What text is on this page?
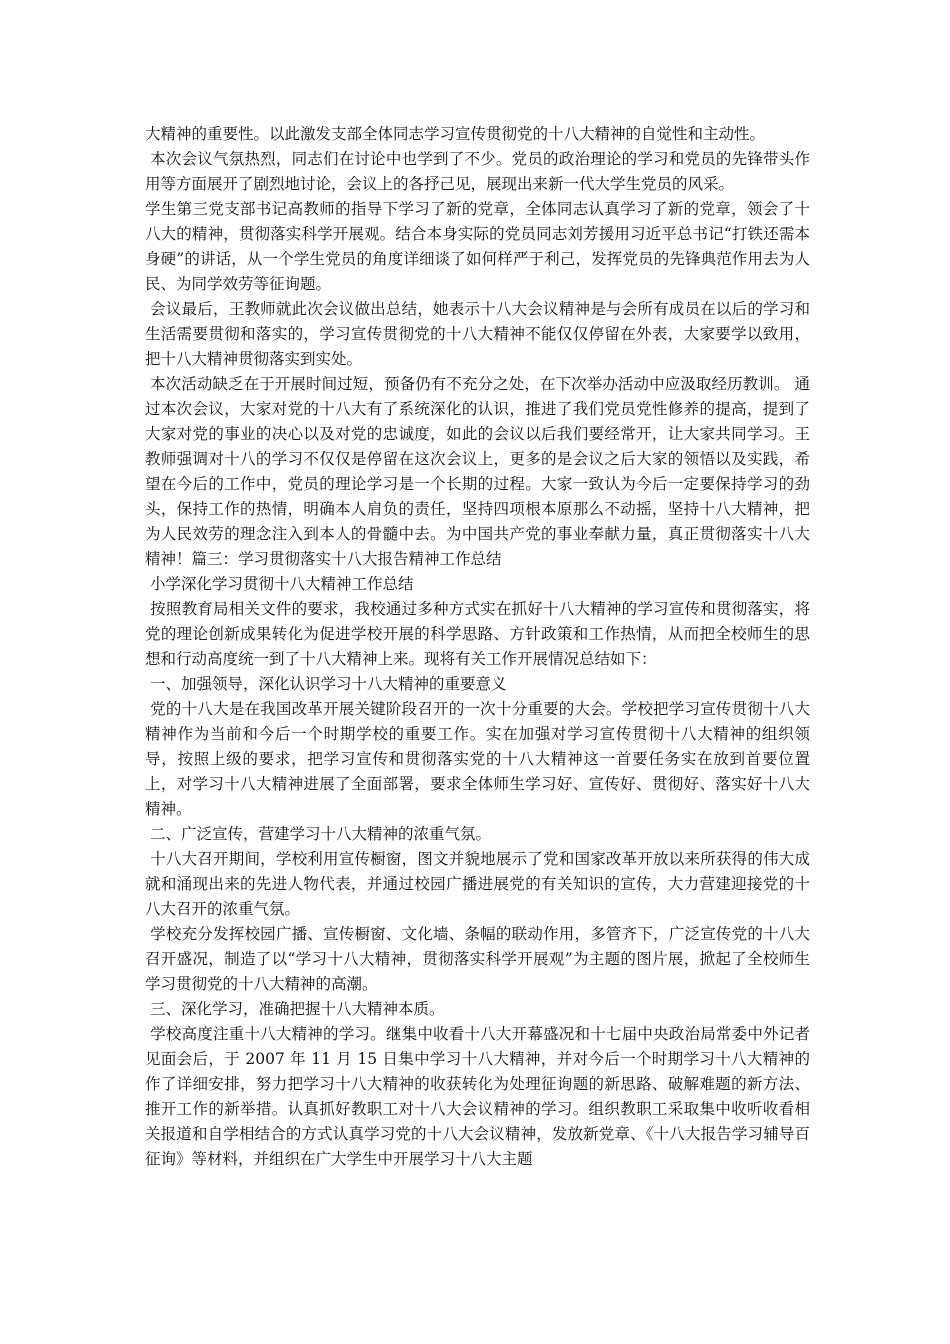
大精神的重要性。以此激发支部全体同志学习宣传贯彻党的十八大精神的自觉性和主动性。

本次会议气氛热烈，同志们在讨论中也学到了不少。党员的政治理论的学习和党员的先锋带头作用等方面展开了剧烈地讨论，会议上的各抒己见，展现出来新一代大学生党员的风采。

学生第三党支部书记高教师的指导下学习了新的党章，全体同志认真学习了新的党章，领会了十八大的精神，贯彻落实科学开展观。结合本身实际的党员同志刘芳援用习近平总书记“打铁还需本身硬”的讲话，从一个学生党员的角度详细谈了如何样严于利己，发挥党员的先锋典范作用去为人民、为同学效劳等征询题。

会议最后，王教师就此次会议做出总结，她表示十八大会议精神是与会所有成员在以后的学习和生活需要贯彻和落实的，学习宣传贯彻党的十八大精神不能仅仅停留在外表，大家要学以致用，把十八大精神贯彻落实到实处。

本次活动缺乏在于开展时间过短，预备仍有不充分之处，在下次举办活动中应汲取经历教训。 通过本次会议，大家对党的十八大有了系统深化的认识，推进了我们党员党性修养的提高，提到了大家对党的事业的决心以及对党的忠诚度，如此的会议以后我们要经常开，让大家共同学习。王教师强调对十八的学习不仅仅是停留在这次会议上，更多的是会议之后大家的领悟以及实践，希望在今后的工作中，党员的理论学习是一个长期的过程。大家一致认为今后一定要保持学习的劲头，保持工作的热情，明确本人肩负的责任，坚持四项根本原那么不动摇，坚持十八大精神，把为人民效劳的理念注入到本人的骨髓中去。为中国共产党的事业奉献力量，真正贯彻落实十八大精神！篇三：学习贯彻落实十八大报告精神工作总结

小学深化学习贯彻十八大精神工作总结

按照教育局相关文件的要求，我校通过多种方式实在抓好十八大精神的学习宣传和贯彻落实，将党的理论创新成果转化为促进学校开展的科学思路、方针政策和工作热情，从而把全校师生的思想和行动高度统一到了十八大精神上来。现将有关工作开展情况总结如下：

一、加强领导，深化认识学习十八大精神的重要意义

党的十八大是在我国改革开展关键阶段召开的一次十分重要的大会。学校把学习宣传贯彻十八大精神作为当前和今后一个时期学校的重要工作。实在加强对学习宣传贯彻十八大精神的组织领导，按照上级的要求，把学习宣传和贯彻落实党的十八大精神这一首要任务实在放到首要位置上，对学习十八大精神进展了全面部署，要求全体师生学习好、宣传好、贯彻好、落实好十八大精神。

二、广泛宣传，营建学习十八大精神的浓重气氛。

十八大召开期间，学校利用宣传橱窗，图文并貌地展示了党和国家改革开放以来所获得的伟大成就和涌现出来的先进人物代表，并通过校园广播进展党的有关知识的宣传，大力营建迎接党的十八大召开的浓重气氛。

学校充分发挥校园广播、宣传橱窗、文化墙、条幅的联动作用，多管齐下，广泛宣传党的十八大召开盛况，制造了以“学习十八大精神，贯彻落实科学开展观”为主题的图片展，掀起了全校师生学习贯彻党的十八大精神的高潮。

三、深化学习，准确把握十八大精神本质。

学校高度注重十八大精神的学习。继集中收看十八大开幕盛况和十七届中央政治局常委中外记者见面会后，于 2007 年 11 月 15 日集中学习十八大精神，并对今后一个时期学习十八大精神的作了详细安排，努力把学习十八大精神的收获转化为处理征询题的新思路、破解难题的新方法、推开工作的新举措。认真抓好教职工对十八大会议精神的学习。组织教职工采取集中收听收看相关报道和自学相结合的方式认真学习党的十八大会议精神，发放新党章、《十八大报告学习辅导百征询》等材料，并组织在广大学生中开展学习十八大主题
